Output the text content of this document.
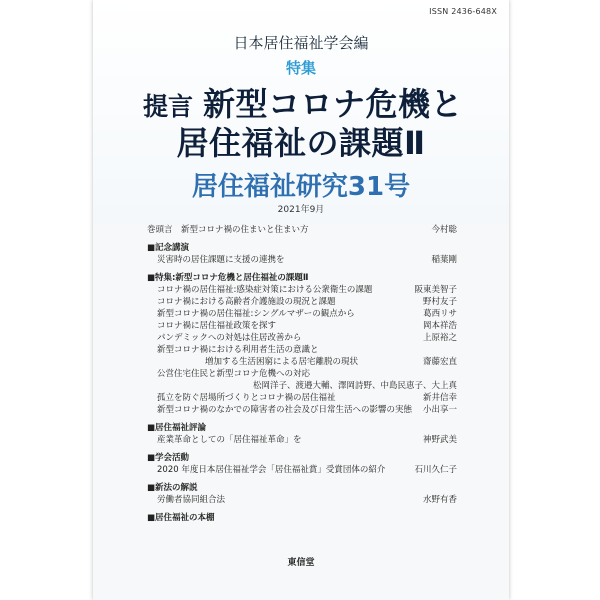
ISSN 2436-648X
日本居住福祉学会編
特集
提言 新型コロナ危機と
居住福祉の課題Ⅱ
居住福祉研究31号
2021年9月
巻頭言　 新型コロナ禍の住まいと住まい方	今村聡
■記念講演
災害時の居住課題に支援の連携を	稲葉剛
■特集:新型コロナ危機と居住福祉の課題Ⅱ
コロナ禍の居住福祉:感染症対策における公衆衛生の課題	阪東美智子
コロナ禍における高齢者介護施設の現況と課題	野村友子
新型コロナ禍の居住福祉:シングルマザーの観点から	葛西リサ
コロナ禍に居住福祉政策を探す	岡本祥浩
パンデミックへの対処は住居改善から	上原裕之
新型コロナ禍における利用者生活の意識と
増加する生活困窮による居宅離脱の現状	齋藤宏直
公営住宅住民と新型コロナ危機への対応
松岡洋子、渡邉大輔、澤岡詩野、中島民恵子、大上真
孤立を防ぐ居場所づくりとコロナ禍の居住福祉	新井信幸
新型コロナ禍のなかでの障害者の社会及び日常生活への影響の実態 小出享一
■居住福祉評論
産業革命としての「居住福祉革命」を	神野武美
■学会活動
2020 年度日本居住福祉学会「居住福祉賞」受賞団体の紹介	石川久仁子
■新法の解説
労働者協同組合法	水野有香
■居住福祉の本棚
東信堂
